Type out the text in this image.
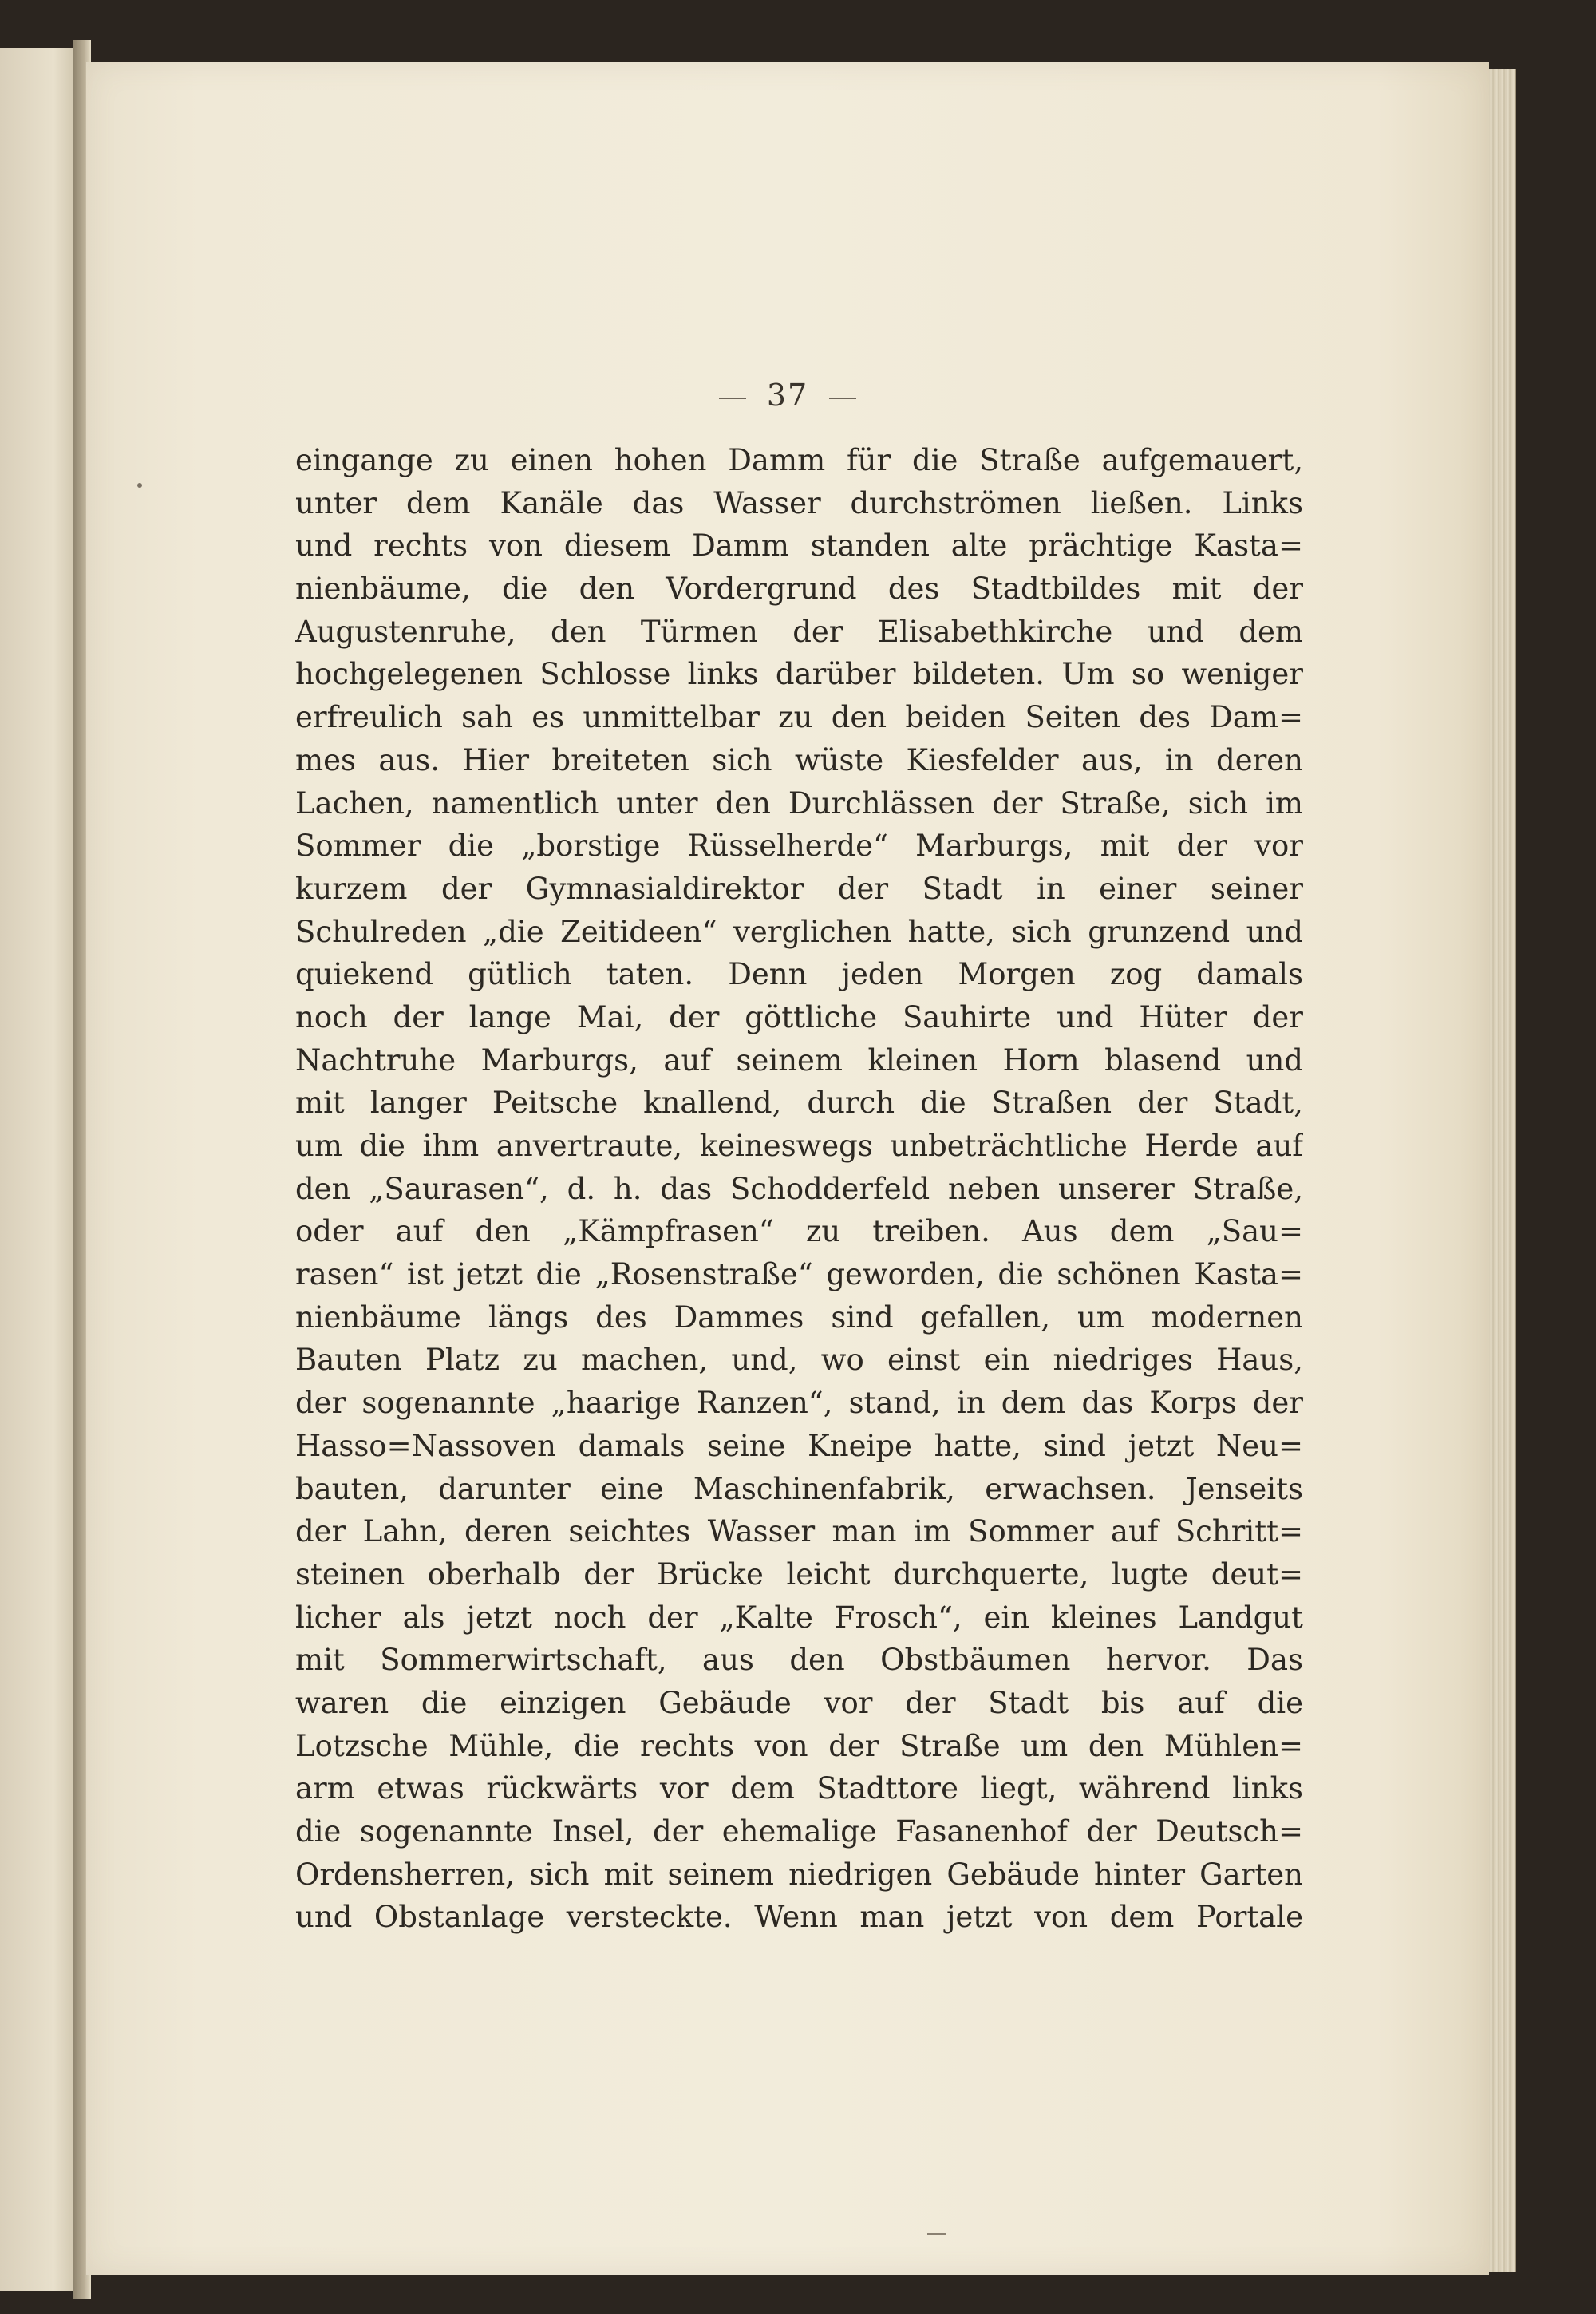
37
eingange zu einen hohen Damm für die Straße aufgemauert,
unter dem Kanäle das Wasser durchströmen ließen. Links
und rechts von diesem Damm standen alte prächtige Kasta=
nienbäume, die den Vordergrund des Stadtbildes mit der
Augustenruhe, den Türmen der Elisabethkirche und dem
hochgelegenen Schlosse links darüber bildeten. Um so weniger
erfreulich sah es unmittelbar zu den beiden Seiten des Dam=
mes aus. Hier breiteten sich wüste Kiesfelder aus, in deren
Lachen, namentlich unter den Durchlässen der Straße, sich im
Sommer die „borstige Rüsselherde“ Marburgs, mit der vor
kurzem der Gymnasialdirektor der Stadt in einer seiner
Schulreden „die Zeitideen“ verglichen hatte, sich grunzend und
quiekend gütlich taten. Denn jeden Morgen zog damals
noch der lange Mai, der göttliche Sauhirte und Hüter der
Nachtruhe Marburgs, auf seinem kleinen Horn blasend und
mit langer Peitsche knallend, durch die Straßen der Stadt,
um die ihm anvertraute, keineswegs unbeträchtliche Herde auf
den „Saurasen“, d. h. das Schodderfeld neben unserer Straße,
oder auf den „Kämpfrasen“ zu treiben. Aus dem „Sau=
rasen“ ist jetzt die „Rosenstraße“ geworden, die schönen Kasta=
nienbäume längs des Dammes sind gefallen, um modernen
Bauten Platz zu machen, und, wo einst ein niedriges Haus,
der sogenannte „haarige Ranzen“, stand, in dem das Korps der
Hasso=Nassoven damals seine Kneipe hatte, sind jetzt Neu=
bauten, darunter eine Maschinenfabrik, erwachsen. Jenseits
der Lahn, deren seichtes Wasser man im Sommer auf Schritt=
steinen oberhalb der Brücke leicht durchquerte, lugte deut=
licher als jetzt noch der „Kalte Frosch“, ein kleines Landgut
mit Sommerwirtschaft, aus den Obstbäumen hervor. Das
waren die einzigen Gebäude vor der Stadt bis auf die
Lotzsche Mühle, die rechts von der Straße um den Mühlen=
arm etwas rückwärts vor dem Stadttore liegt, während links
die sogenannte Insel, der ehemalige Fasanenhof der Deutsch=
Ordensherren, sich mit seinem niedrigen Gebäude hinter Garten
und Obstanlage versteckte. Wenn man jetzt von dem Portale
